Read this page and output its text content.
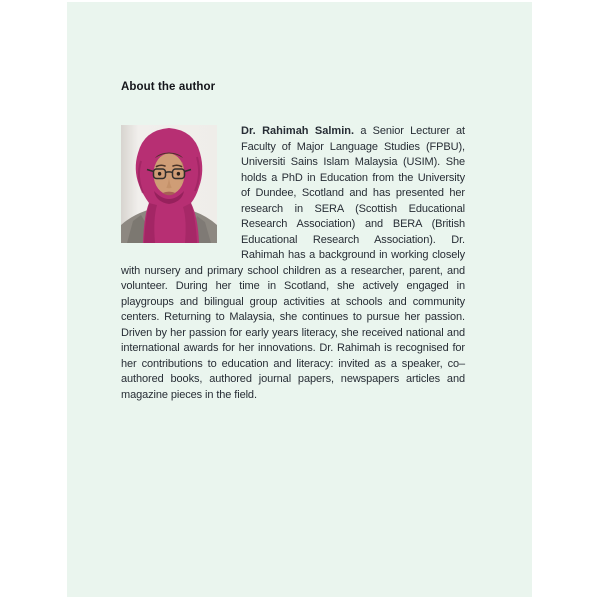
About the author

Dr. Rahimah Salmin. a Senior Lecturer at Faculty of Major Language Studies (FPBU), Universiti Sains Islam Malaysia (USIM). She holds a PhD in Education from the University of Dundee, Scotland and has presented her research in SERA (Scottish Educational Research Association) and BERA (British Educational Research Association). Dr. Rahimah has a background in working closely with nursery and primary school children as a researcher, parent, and volunteer. During her time in Scotland, she actively engaged in playgroups and bilingual group activities at schools and community centers. Returning to Malaysia, she continues to pursue her passion. Driven by her passion for early years literacy, she received national and international awards for her innovations. Dr. Rahimah is recognised for her contributions to education and literacy: invited as a speaker, co–authored books, authored journal papers, newspapers articles and magazine pieces in the field.
